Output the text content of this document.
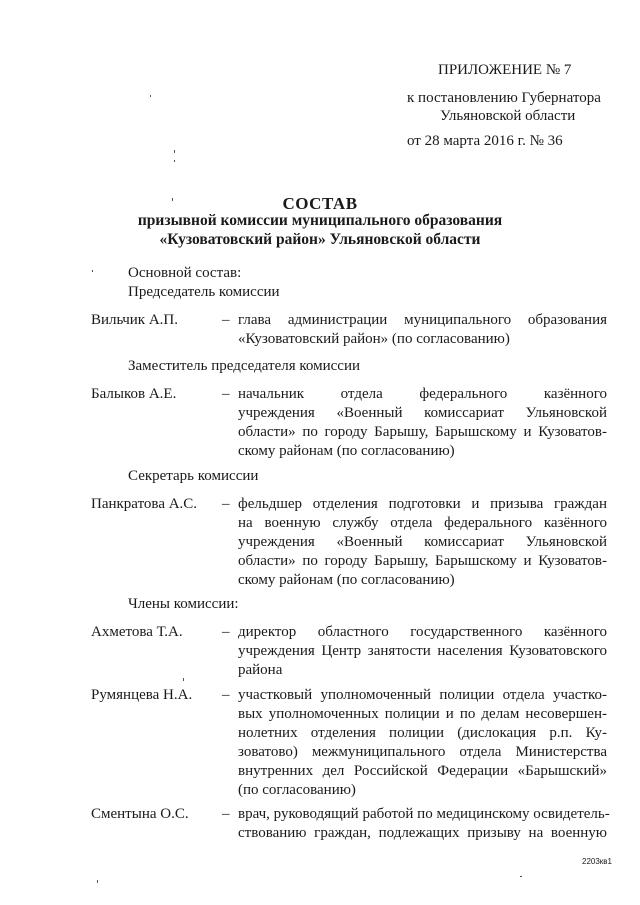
ПРИЛОЖЕНИЕ № 7
к постановлению Губернатора
Ульяновской области
от 28 марта 2016 г. № 36
СОСТАВ
призывной комиссии муниципального образования
«Кузоватовский район» Ульяновской области
Основной состав:
Председатель комиссии
Вильчик А.П.	– глава администрации муниципального образования
«Кузоватовский район» (по согласованию)
Заместитель председателя комиссии
Балыков А.Е.	– начальник отдела федерального казённого
учреждения «Военный комиссариат Ульяновской
области» по городу Барышу, Барышскому и Кузоватов-
скому районам (по согласованию)
Секретарь комиссии
Панкратова А.С. – фельдшер отделения подготовки и призыва граждан
на военную службу отдела федерального казённого
учреждения «Военный комиссариат Ульяновской
области» по городу Барышу, Барышскому и Кузоватов-
скому районам (по согласованию)
Члены комиссии:
Ахметова Т.А.	– директор областного государственного казённого
учреждения Центр занятости населения Кузоватовского
района
Румянцева Н.А. – участковый уполномоченный полиции отдела участко-
вых уполномоченных полиции и по делам несовершен-
нолетних отделения полиции (дислокация р.п. Ку-
зоватово) межмуниципального отдела Министерства
внутренних дел Российской Федерации «Барышский»
(по согласованию)
Сментына О.С. – врач, руководящий работой по медицинскому освидетель-
ствованию граждан, подлежащих призыву на военную
2203кв1
